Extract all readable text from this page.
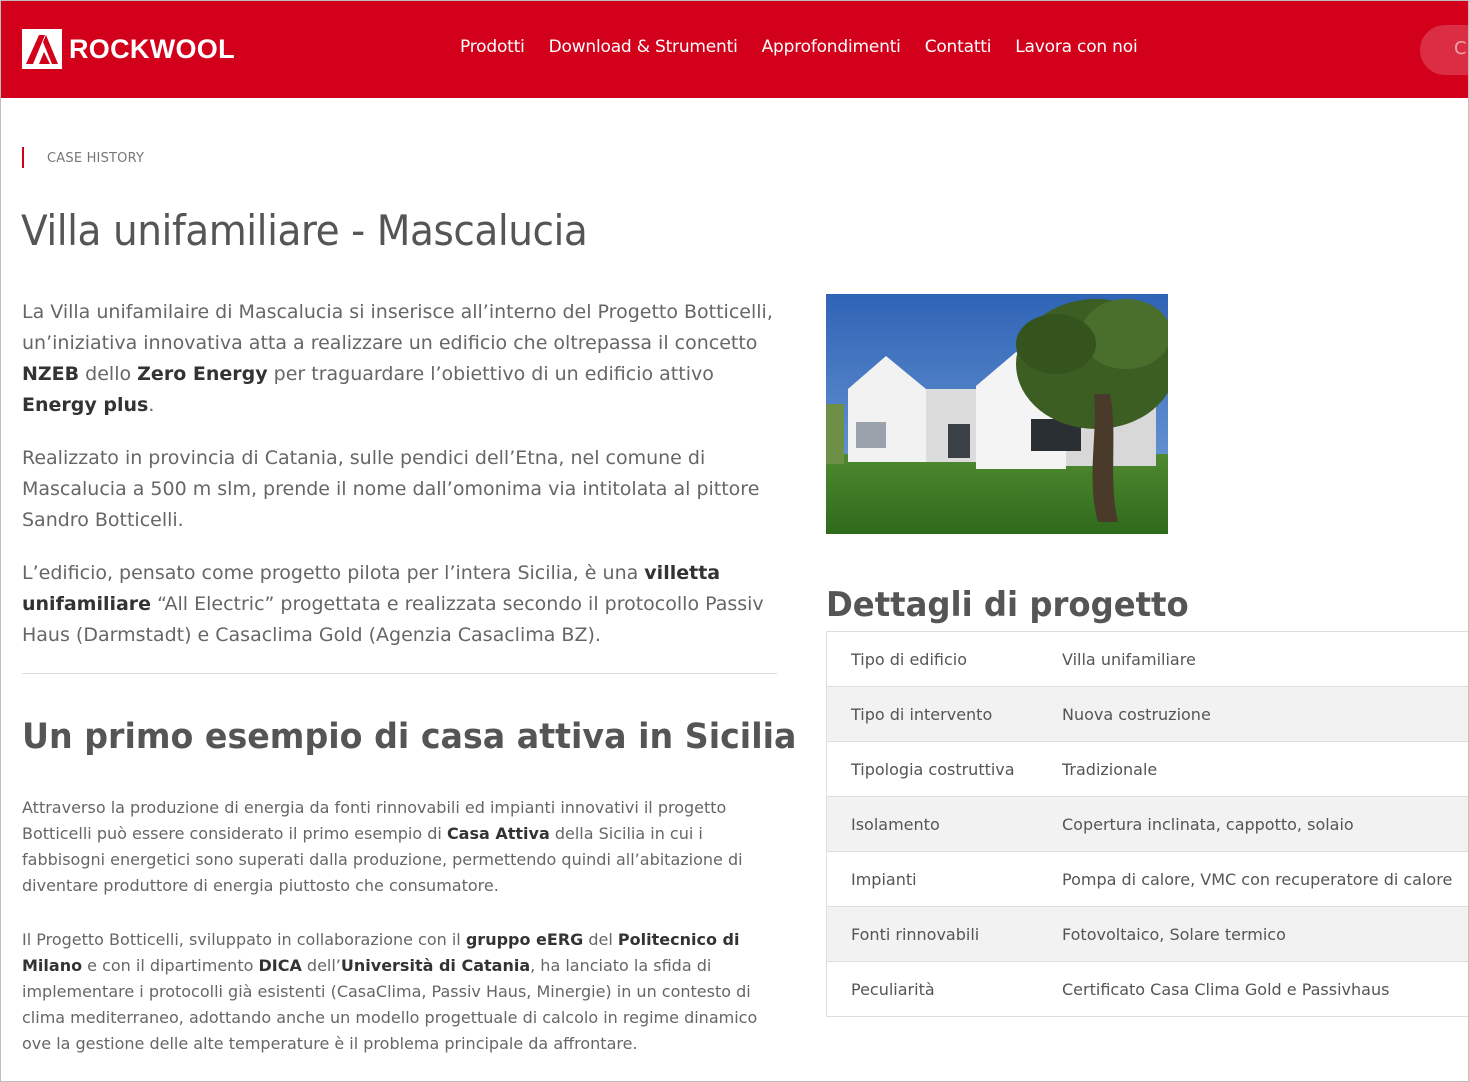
ROCKWOOL	Prodotti Download & Strumenti Approfondimenti Contatti Lavora con noi	C
CASE HISTORY
Villa unifamiliare - Mascalucia

La Villa unifamilaire di Mascalucia si inserisce all’interno del Progetto Botticelli, un’iniziativa innovativa atta a realizzare un edificio che oltrepassa il concetto NZEB dello Zero Energy per traguardare l’obiettivo di un edificio attivo Energy plus.

Realizzato in provincia di Catania, sulle pendici dell’Etna, nel comune di Mascalucia a 500 m slm, prende il nome dall’omonima via intitolata al pittore Sandro Botticelli.

L’edificio, pensato come progetto pilota per l’intera Sicilia, è una villetta unifamiliare “All Electric” progettata e realizzata secondo il protocollo Passiv Haus (Darmstadt) e Casaclima Gold (Agenzia Casaclima BZ).

Un primo esempio di casa attiva in Sicilia

Attraverso la produzione di energia da fonti rinnovabili ed impianti innovativi il progetto Botticelli può essere considerato il primo esempio di Casa Attiva della Sicilia in cui i fabbisogni energetici sono superati dalla produzione, permettendo quindi all’abitazione di diventare produttore di energia piuttosto che consumatore.

Il Progetto Botticelli, sviluppato in collaborazione con il gruppo eERG del Politecnico di Milano e con il dipartimento DICA dell’Università di Catania, ha lanciato la sfida di implementare i protocolli già esistenti (CasaClima, Passiv Haus, Minergie) in un contesto di clima mediterraneo, adottando anche un modello progettuale di calcolo in regime dinamico ove la gestione delle alte temperature è il problema principale da affrontare.

Dettagli di progetto
Tipo di edificio	Villa unifamiliare
Tipo di intervento	Nuova costruzione
Tipologia costruttiva	Tradizionale
Isolamento	Copertura inclinata, cappotto, solaio
Impianti	Pompa di calore, VMC con recuperatore di calore
Fonti rinnovabili	Fotovoltaico, Solare termico
Peculiarità	Certificato Casa Clima Gold e Passivhaus
